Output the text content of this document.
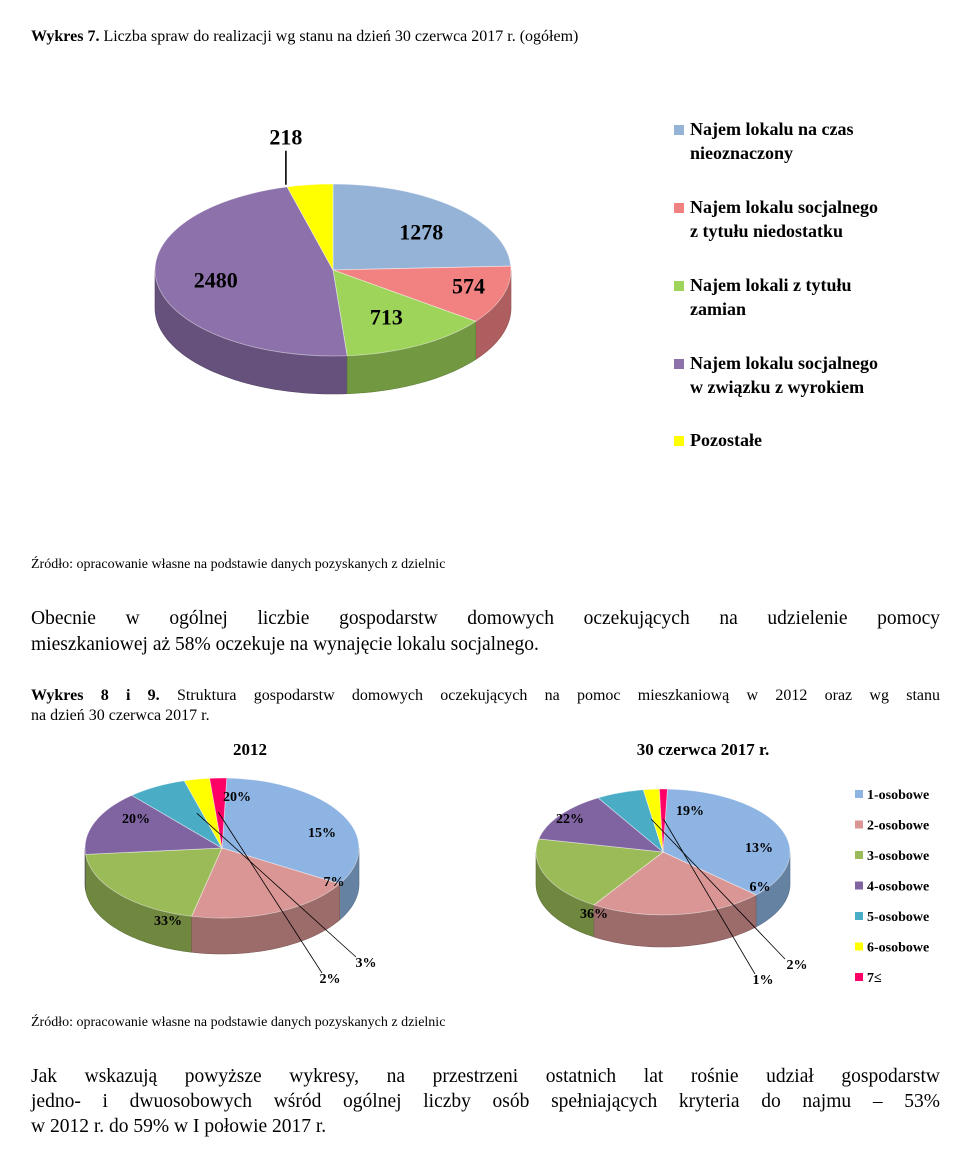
Wykres 7. Liczba spraw do realizacji wg stanu na dzień 30 czerwca 2017 r. (ogółem)
1278
574
713
2480
218	Najem lokalu na czas
nieoznaczony
Najem lokalu socjalnego
z tytułu niedostatku
Najem lokali z tytułu
zamian
Najem lokalu socjalnego
w związku z wyrokiem
Pozostałe
Źródło: opracowanie własne na podstawie danych pozyskanych z dzielnic
Obecnie w ogólnej liczbie gospodarstw domowych oczekujących na udzielenie pomocy
mieszkaniowej aż 58% oczekuje na wynajęcie lokalu socjalnego.
Wykres 8 i 9. Struktura gospodarstw domowych oczekujących na pomoc mieszkaniową w 2012 oraz wg stanu
na dzień 30 czerwca 2017 r.
2012	30 czerwca 2017 r.
33%
20%
20%
15%
7%
3%
2%
36%
22%
19%
13%
6%
2%
1%
1-osobowe
2-osobowe
3-osobowe
4-osobowe
5-osobowe
6-osobowe
7≤
Źródło: opracowanie własne na podstawie danych pozyskanych z dzielnic
Jak wskazują powyższe wykresy, na przestrzeni ostatnich lat rośnie udział gospodarstw
jedno- i dwuosobowych wśród ogólnej liczby osób spełniających kryteria do najmu – 53%
w 2012 r. do 59% w I połowie 2017 r.
